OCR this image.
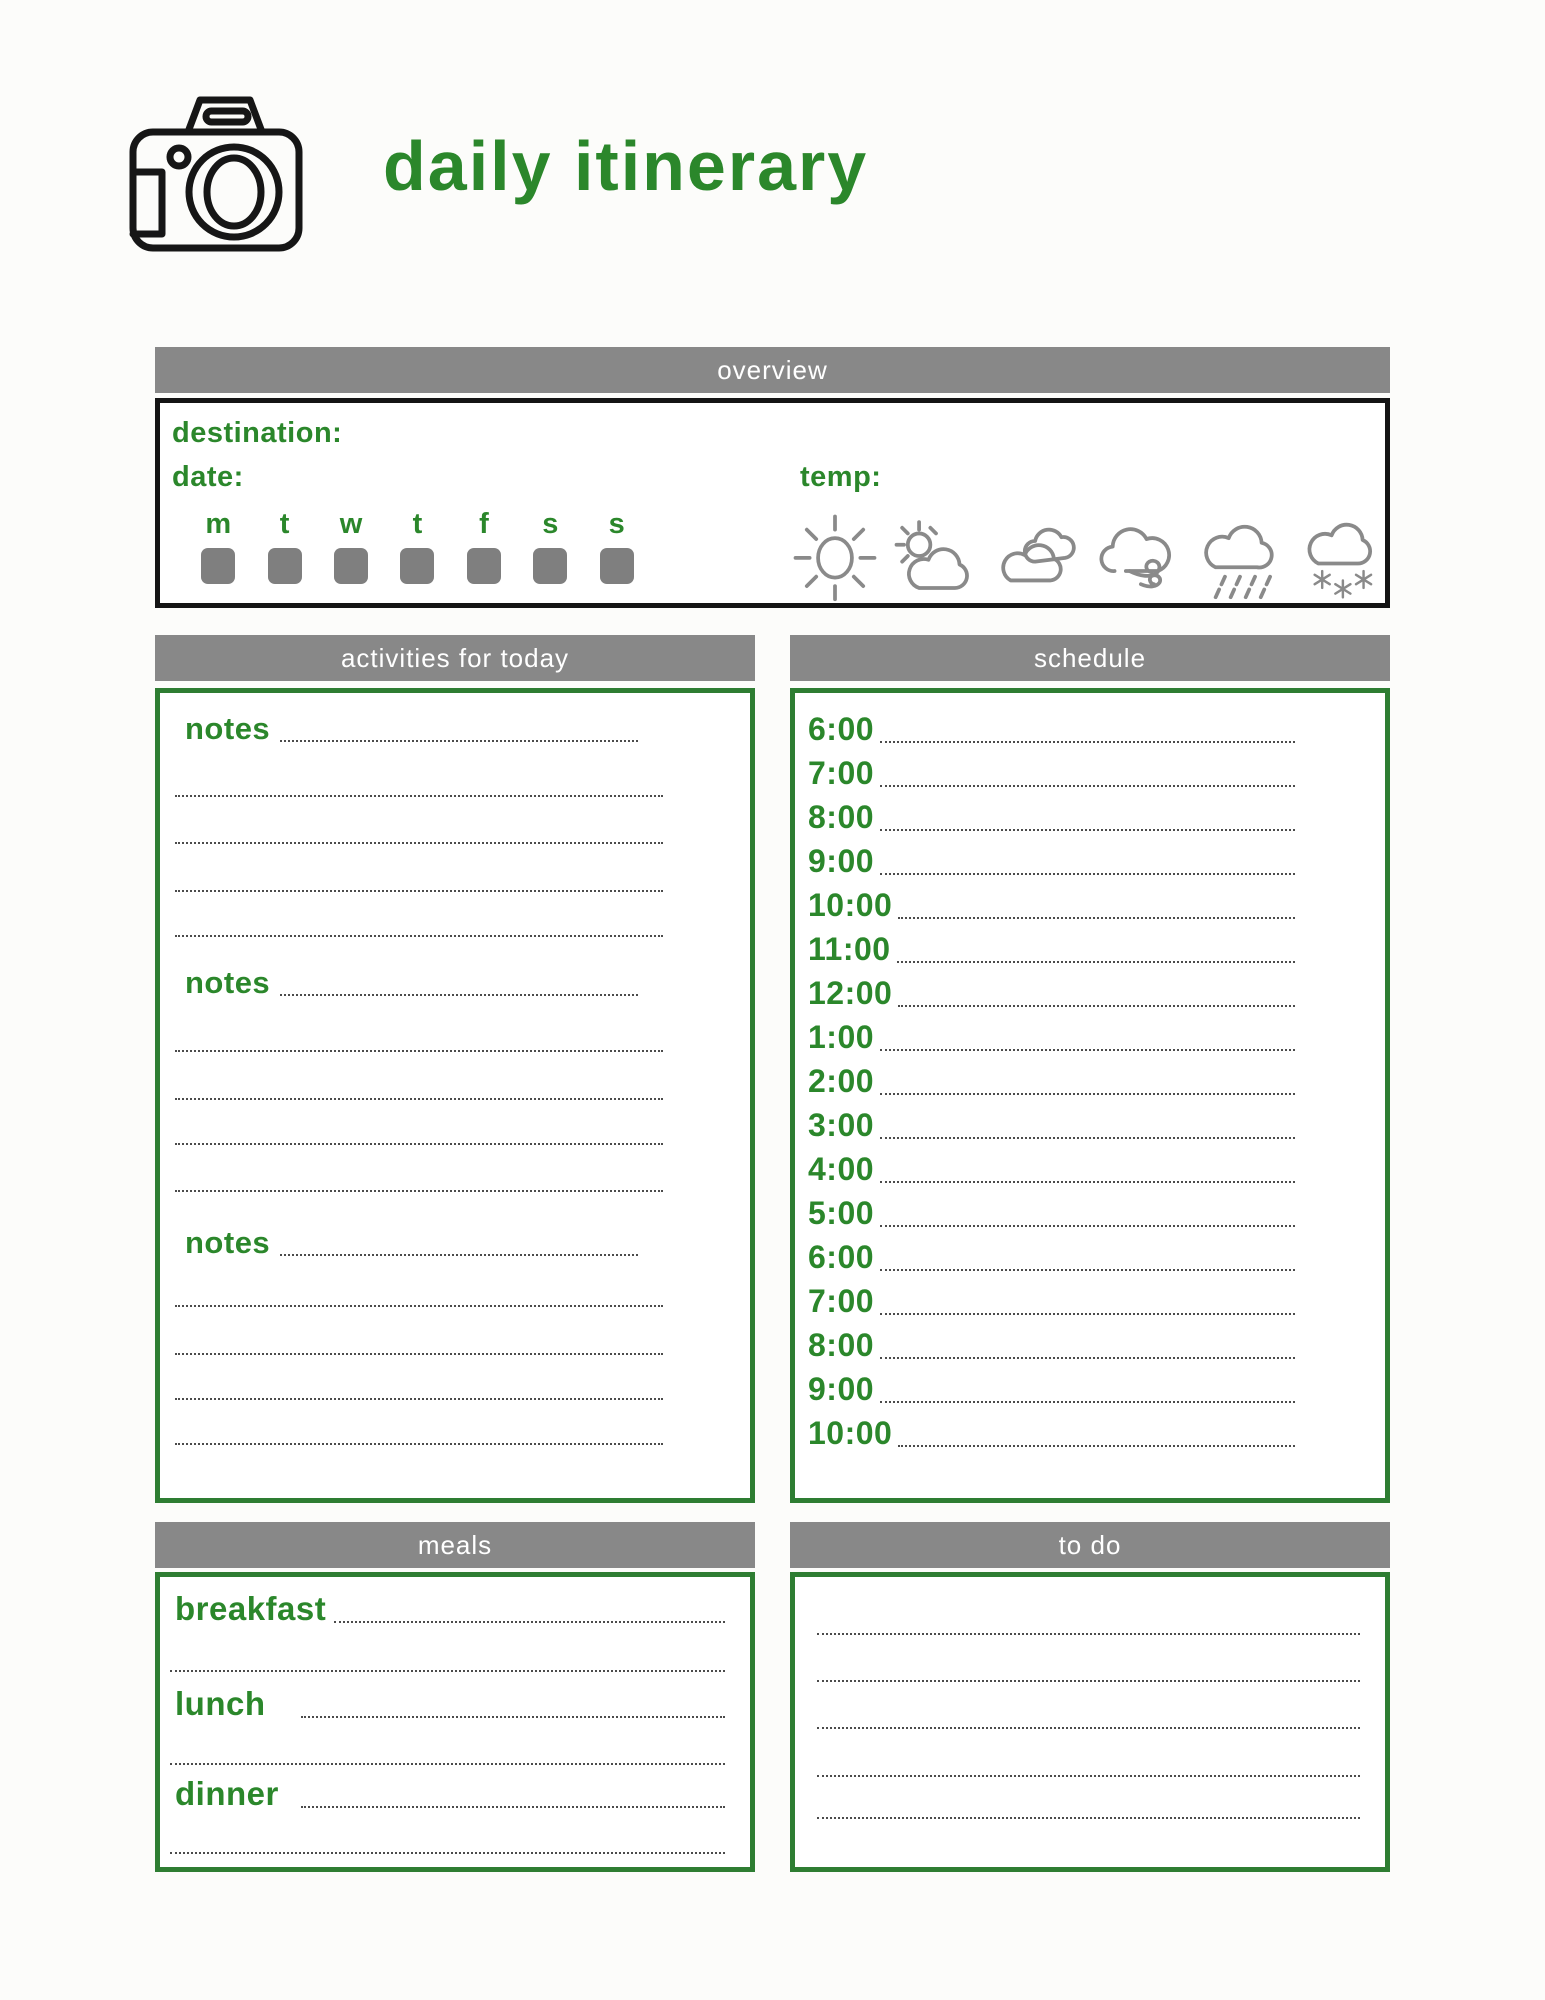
daily itinerary
overview
destination:
date:	temp:
m t w t f s s
activities for today	schedule
notes
notes
notes
6:00
7:00
8:00
9:00
10:00
11:00
12:00
1:00
2:00
3:00
4:00
5:00
6:00
7:00
8:00
9:00
10:00
meals	to do
breakfast
lunch
dinner
